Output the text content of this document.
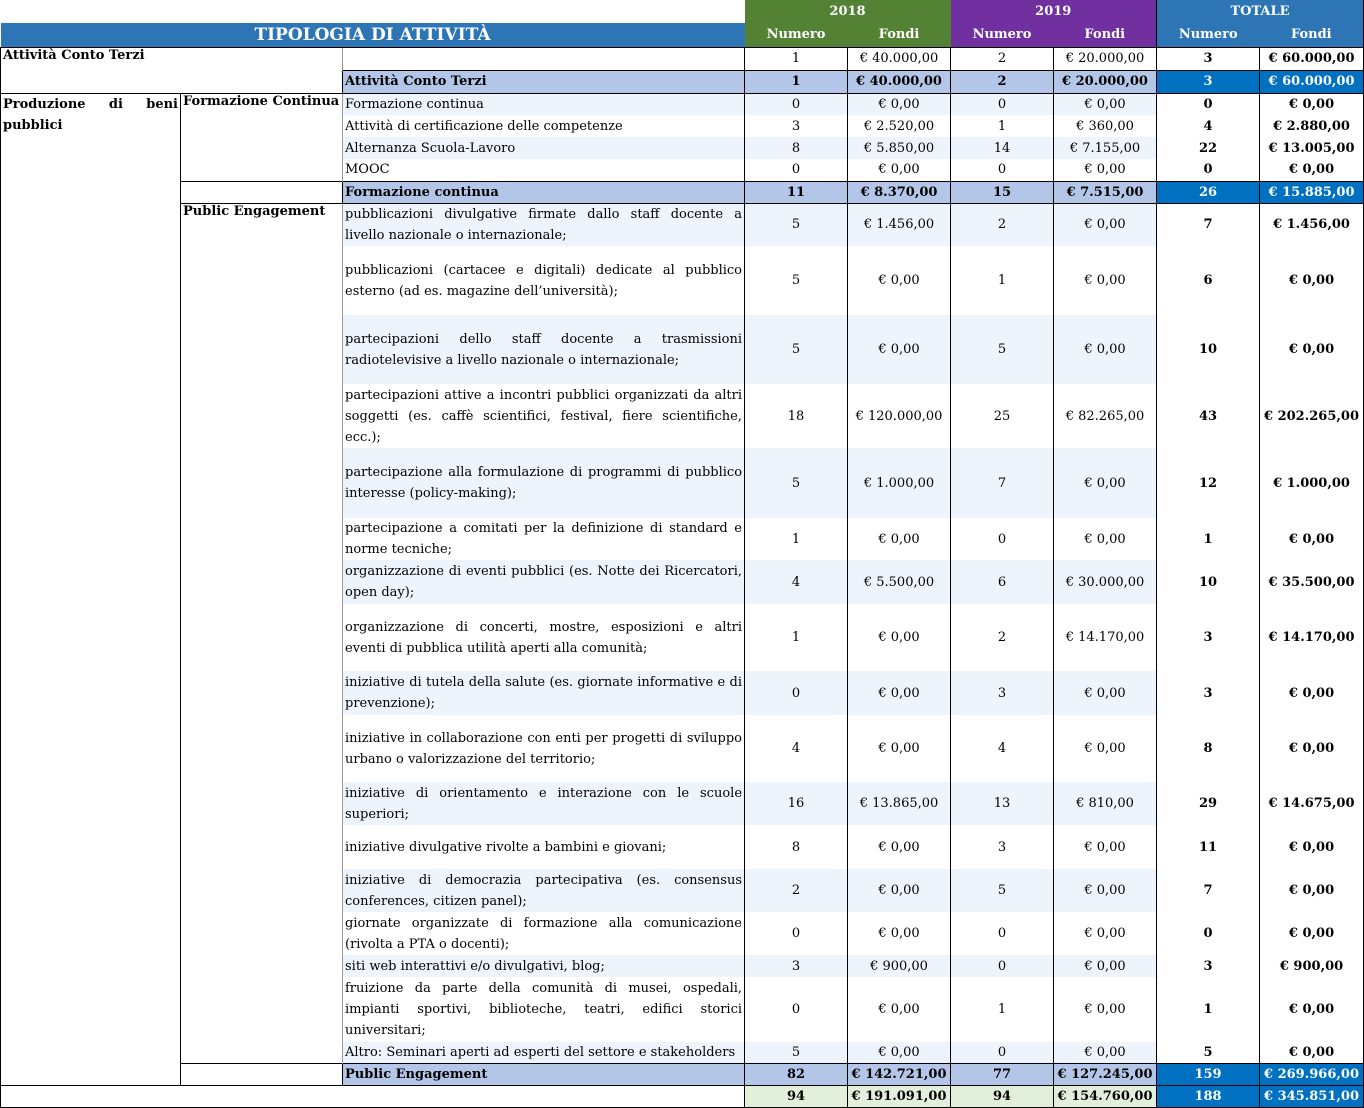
			2018		2019		TOTALE	
TIPOLOGIA DI ATTIVITÀ			Numero	Fondi	Numero	Fondi	Numero	Fondi
Attività Conto Terzi			1	€ 40.000,00	2	€ 20.000,00	3	€ 60.000,00
		Attività Conto Terzi	1	€ 40.000,00	2	€ 20.000,00	3	€ 60.000,00
Produzione di beni pubblici	Formazione Continua	Formazione continua	0	€ 0,00	0	€ 0,00	0	€ 0,00
		Attività di certificazione delle competenze	3	€ 2.520,00	1	€ 360,00	4	€ 2.880,00
		Alternanza Scuola-Lavoro	8	€ 5.850,00	14	€ 7.155,00	22	€ 13.005,00
		MOOC	0	€ 0,00	0	€ 0,00	0	€ 0,00
		Formazione continua	11	€ 8.370,00	15	€ 7.515,00	26	€ 15.885,00
	Public Engagement	pubblicazioni divulgative firmate dallo staff docente a livello nazionale o internazionale;	5	€ 1.456,00	2	€ 0,00	7	€ 1.456,00
		pubblicazioni (cartacee e digitali) dedicate al pubblico esterno (ad es. magazine dell’università);	5	€ 0,00	1	€ 0,00	6	€ 0,00
		partecipazioni dello staff docente a trasmissioni radiotelevisive a livello nazionale o internazionale;	5	€ 0,00	5	€ 0,00	10	€ 0,00
		partecipazioni attive a incontri pubblici organizzati da altri soggetti (es. caffè scientifici, festival, fiere scientifiche, ecc.);	18	€ 120.000,00	25	€ 82.265,00	43	€ 202.265,00
		partecipazione alla formulazione di programmi di pubblico interesse (policy-making);	5	€ 1.000,00	7	€ 0,00	12	€ 1.000,00
		partecipazione a comitati per la definizione di standard e norme tecniche;	1	€ 0,00	0	€ 0,00	1	€ 0,00
		organizzazione di eventi pubblici (es. Notte dei Ricercatori, open day);	4	€ 5.500,00	6	€ 30.000,00	10	€ 35.500,00
		organizzazione di concerti, mostre, esposizioni e altri eventi di pubblica utilità aperti alla comunità;	1	€ 0,00	2	€ 14.170,00	3	€ 14.170,00
		iniziative di tutela della salute (es. giornate informative e di prevenzione);	0	€ 0,00	3	€ 0,00	3	€ 0,00
		iniziative in collaborazione con enti per progetti di sviluppo urbano o valorizzazione del territorio;	4	€ 0,00	4	€ 0,00	8	€ 0,00
		iniziative di orientamento e interazione con le scuole superiori;	16	€ 13.865,00	13	€ 810,00	29	€ 14.675,00
		iniziative divulgative rivolte a bambini e giovani;	8	€ 0,00	3	€ 0,00	11	€ 0,00
		iniziative di democrazia partecipativa (es. consensus conferences, citizen panel);	2	€ 0,00	5	€ 0,00	7	€ 0,00
		giornate organizzate di formazione alla comunicazione (rivolta a PTA o docenti);	0	€ 0,00	0	€ 0,00	0	€ 0,00
		siti web interattivi e/o divulgativi, blog;	3	€ 900,00	0	€ 0,00	3	€ 900,00
		fruizione da parte della comunità di musei, ospedali, impianti sportivi, biblioteche, teatri, edifici storici universitari;	0	€ 0,00	1	€ 0,00	1	€ 0,00
		Altro: Seminari aperti ad esperti del settore e stakeholders	5	€ 0,00	0	€ 0,00	5	€ 0,00
		Public Engagement	82	€ 142.721,00	77	€ 127.245,00	159	€ 269.966,00
			94	€ 191.091,00	94	€ 154.760,00	188	€ 345.851,00
